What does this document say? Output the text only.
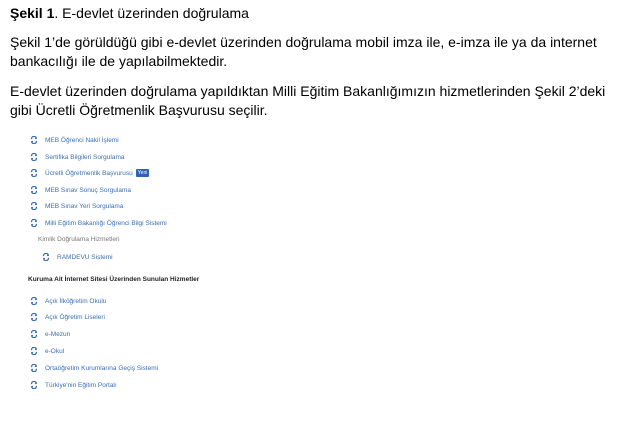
Şekil 1. E-devlet üzerinden doğrulama
Şekil 1’de görüldüğü gibi e-devlet üzerinden doğrulama mobil imza ile, e-imza ile ya da internet bankacılığı ile de yapılabilmektedir.
E-devlet üzerinden doğrulama yapıldıktan Milli Eğitim Bakanlığımızın hizmetlerinden Şekil 2’deki gibi Ücretli Öğretmenlik Başvurusu seçilir.
MEB Öğrenci Nakil İşlemi
Sertifika Bilgileri Sorgulama
Ücretli Öğretmenlik Başvurusu	Yeni
MEB Sınav Sonuç Sorgulama
MEB Sınav Yeri Sorgulama
Milli Eğitim Bakanlığı Öğrenci Bilgi Sistemi
Kimlik Doğrulama Hizmetleri
RAMDEVU Sistemi
Kuruma Ait İnternet Sitesi Üzerinden Sunulan Hizmetler
Açık İlköğretim Okulu
Açık Öğretim Liseleri
e-Mezun
e-Okul
Ortaöğretim Kurumlarına Geçiş Sistemi
Türkiye'nin Eğitim Portalı
